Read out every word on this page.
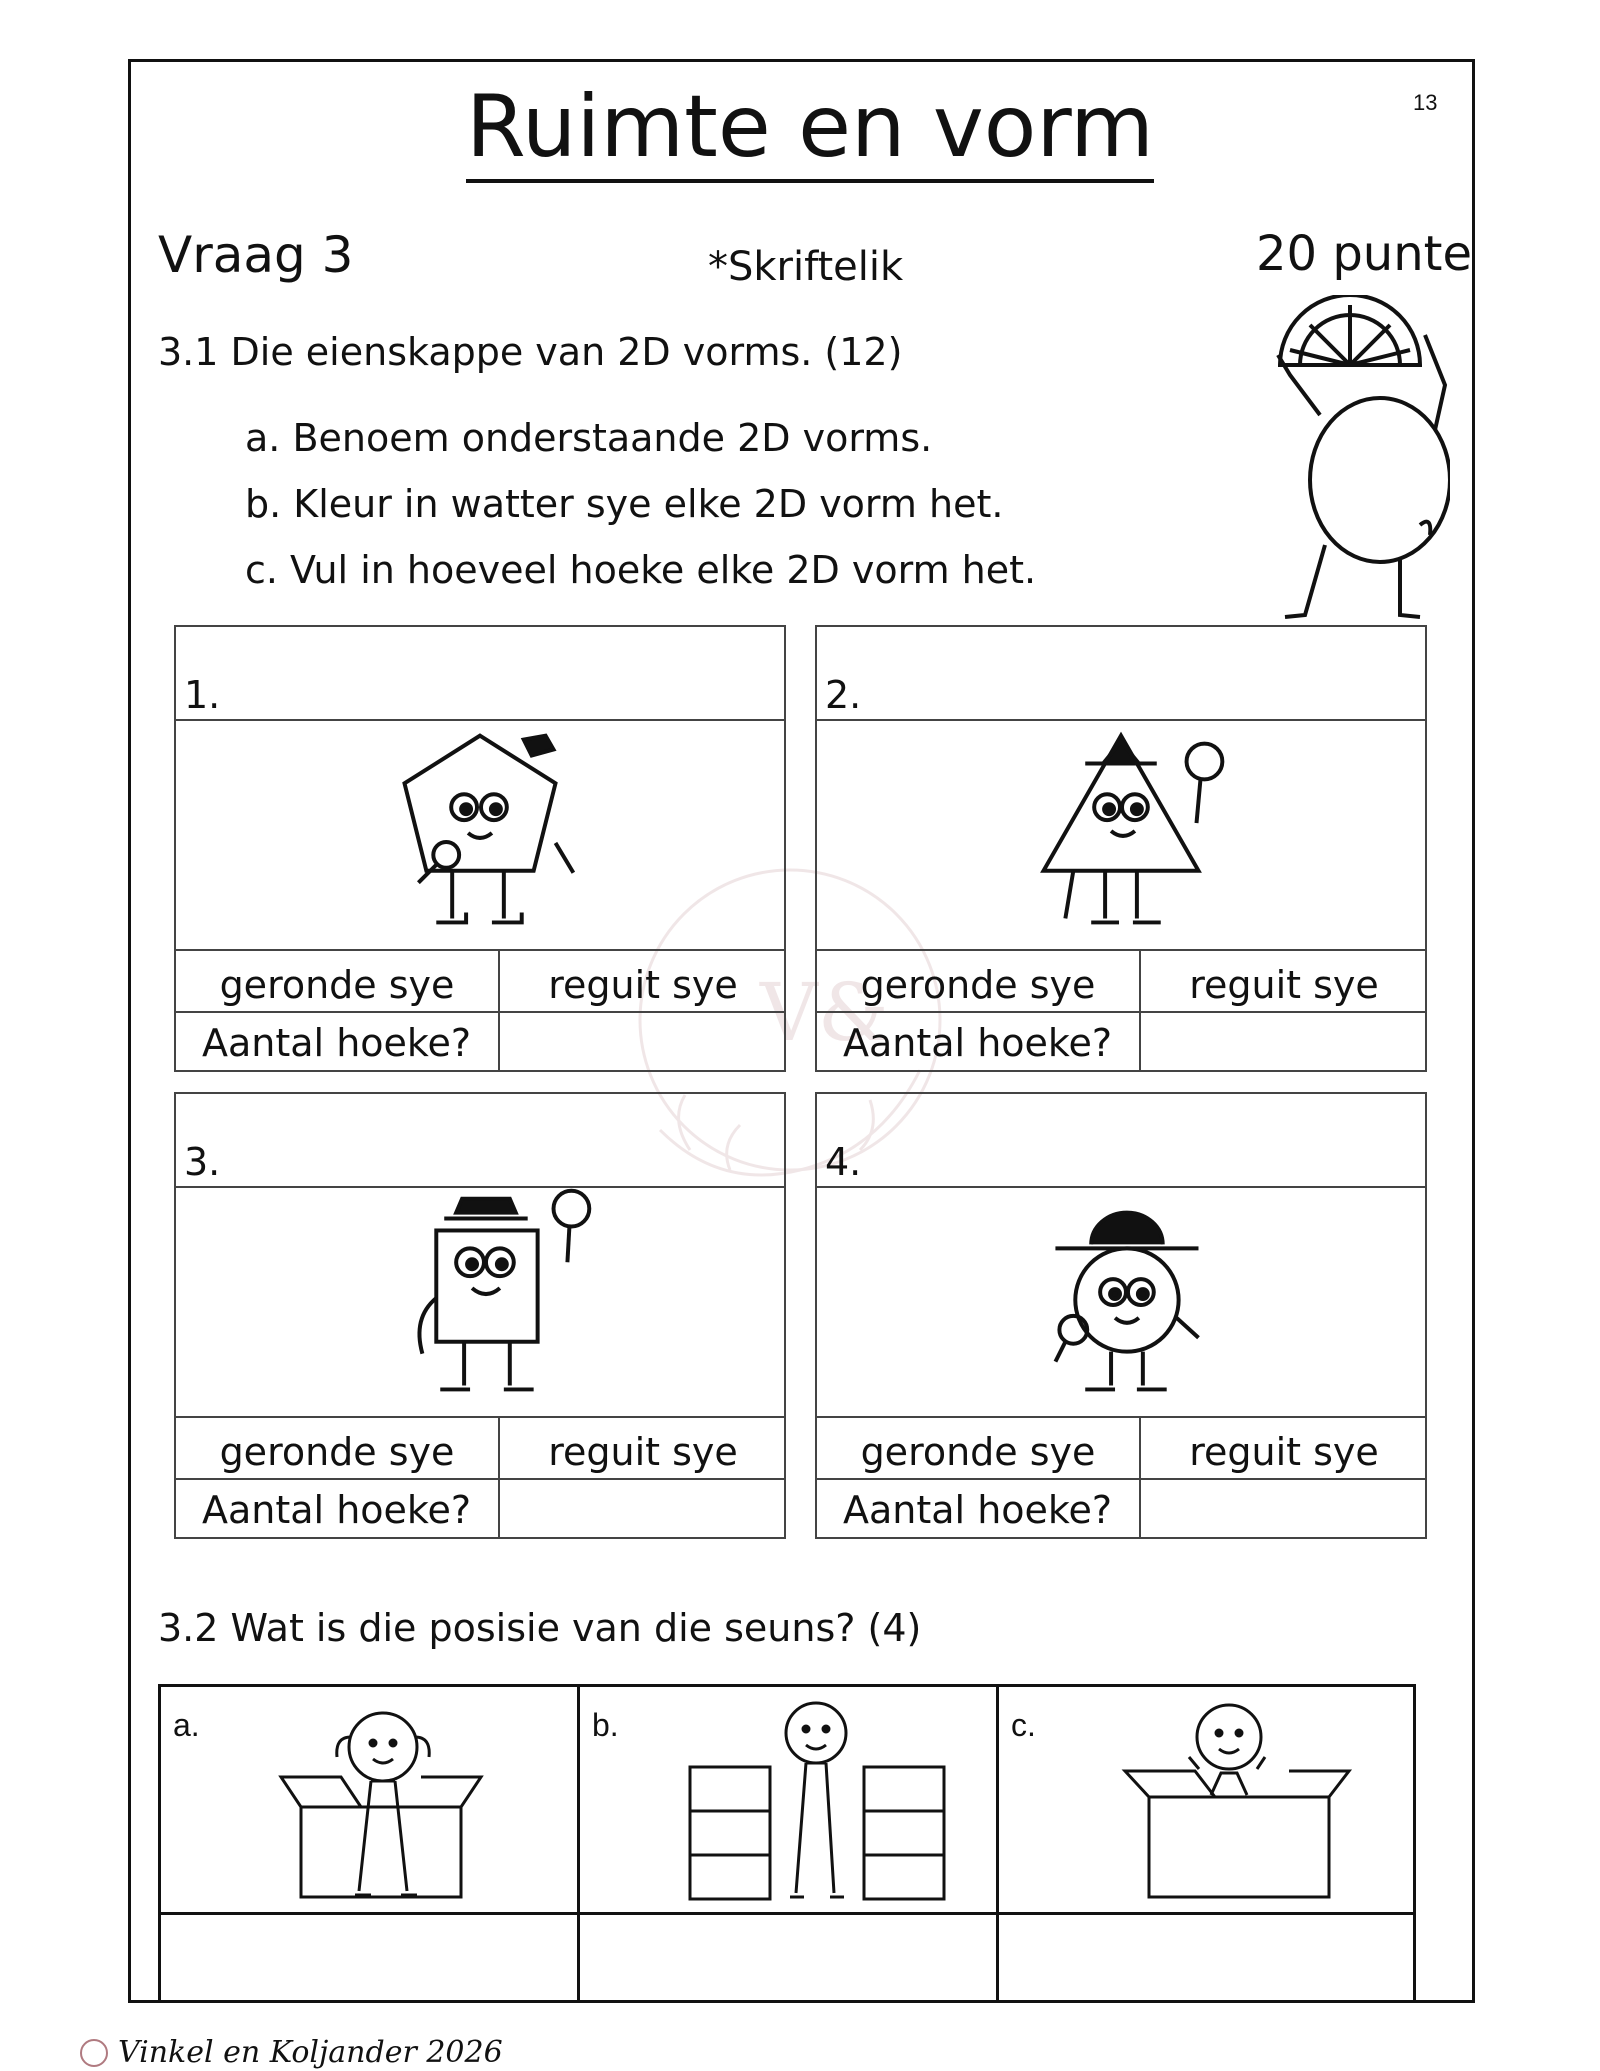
13
Ruimte en vorm
Vraag 3	*Skriftelik	20 punte
3.1 Die eienskappe van 2D vorms. (12)
a. Benoem onderstaande 2D vorms.
b. Kleur in watter sye elke 2D vorm het.
c. Vul in hoeveel hoeke elke 2D vorm het.
V&
1.
geronde sye	reguit sye
Aantal hoeke?
2.
geronde sye	reguit sye
Aantal hoeke?
3.
geronde sye	reguit sye
Aantal hoeke?
4.
geronde sye	reguit sye
Aantal hoeke?
3.2 Wat is die posisie van die seuns? (4)
a.	b.	c.
Vinkel en Koljander 2026
